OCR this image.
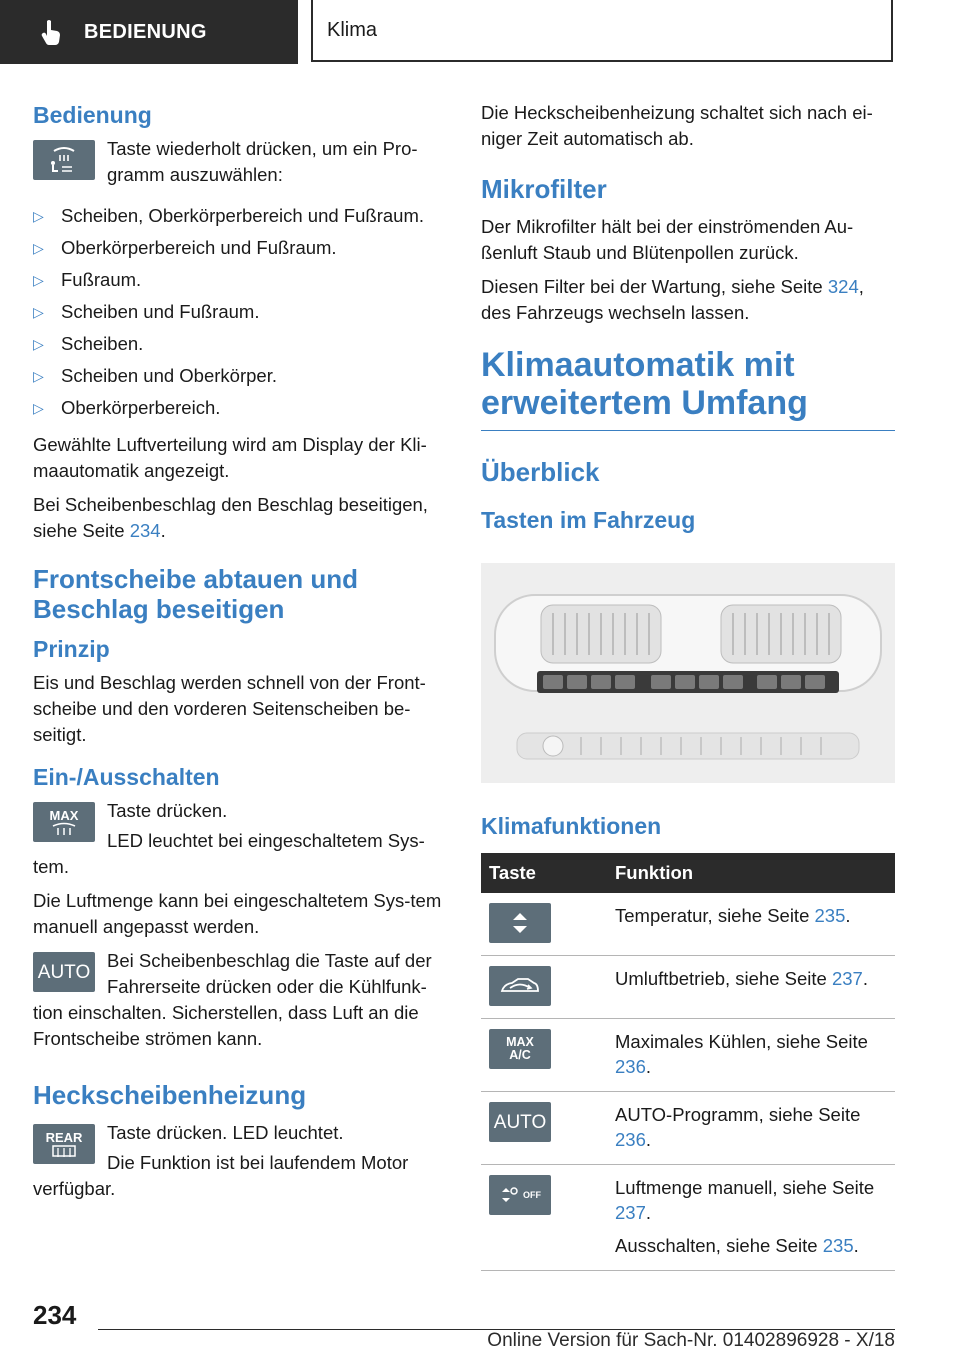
BEDIENUNG	Klima
Bedienung

Taste wiederholt drücken, um ein Pro-gramm auszuwählen:

▷ Scheiben, Oberkörperbereich und Fußraum.
▷ Oberkörperbereich und Fußraum.
▷ Fußraum.
▷ Scheiben und Fußraum.
▷ Scheiben.
▷ Scheiben und Oberkörper.
▷ Oberkörperbereich.

Gewählte Luftverteilung wird am Display der Kli-maautomatik angezeigt.

Bei Scheibenbeschlag den Beschlag beseitigen, siehe Seite 234.

Frontscheibe abtauen und Beschlag beseitigen
Prinzip

Eis und Beschlag werden schnell von der Front-scheibe und den vorderen Seitenscheiben be-seitigt.

Ein-/Ausschalten
MAX	Taste drücken.

LED leuchtet bei eingeschaltetem Sys-tem.

Die Luftmenge kann bei eingeschaltetem Sys-tem manuell angepasst werden.

AUTO

Bei Scheibenbeschlag die Taste auf der Fahrerseite drücken oder die Kühlfunk-tion einschalten. Sicherstellen, dass Luft an die Frontscheibe strömen kann.

Heckscheibenheizung
REAR	Taste drücken. LED leuchtet.

Die Funktion ist bei laufendem Motor verfügbar.

Die Heckscheibenheizung schaltet sich nach ei-niger Zeit automatisch ab.

Mikrofilter

Der Mikrofilter hält bei der einströmenden Au-ßenluft Staub und Blütenpollen zurück.

Diesen Filter bei der Wartung, siehe Seite 324, des Fahrzeugs wechseln lassen.

Klimaautomatik mit erweitertem Umfang
Überblick
Tasten im Fahrzeug
Klimafunktionen
Taste	Funktion

	Temperatur, siehe Seite 235.

	Umluftbetrieb, siehe Seite 237.

MAX
A/C	Maximales Kühlen, siehe Seite 236.

AUTO	AUTO-Programm, siehe Seite 236.

OFF	Luftmenge manuell, siehe Seite 237.
Ausschalten, siehe Seite 235.
234
Online Version für Sach-Nr. 01402896928 - X/18
